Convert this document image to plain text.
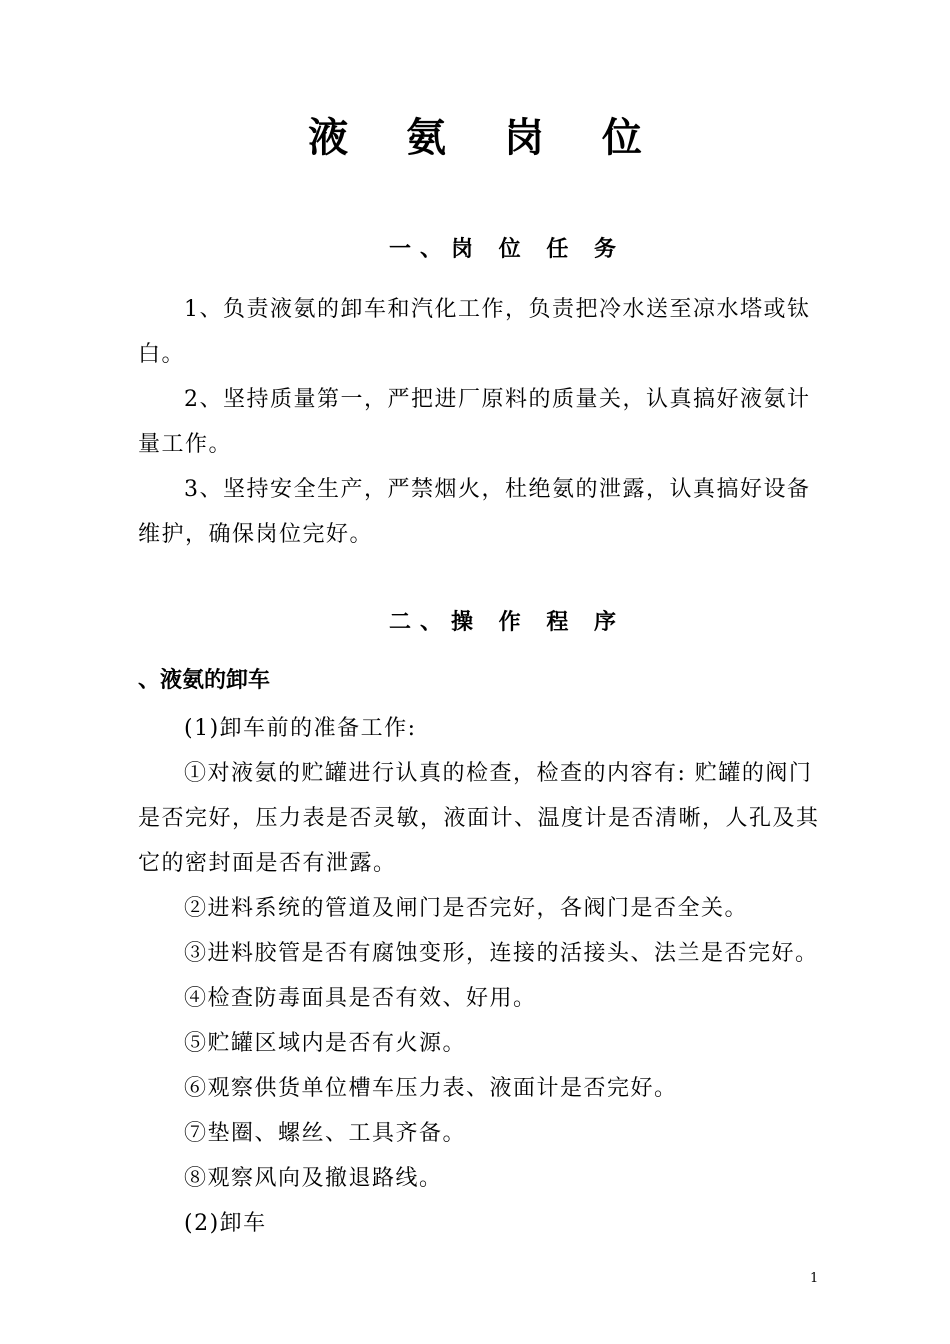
液 氨 岗 位
一、岗 位 任 务

1、负责液氨的卸车和汽化工作，负责把冷水送至凉水塔或钛白。

2、坚持质量第一，严把进厂原料的质量关，认真搞好液氨计量工作。

3、坚持安全生产，严禁烟火，杜绝氨的泄露，认真搞好设备维护，确保岗位完好。

二、操 作 程 序
、液氨的卸车

(1)卸车前的准备工作:

①对液氨的贮罐进行认真的检查，检查的内容有: 贮罐的阀门是否完好，压力表是否灵敏，液面计、温度计是否清晰，人孔及其它的密封面是否有泄露。

②进料系统的管道及闸门是否完好，各阀门是否全关。

③进料胶管是否有腐蚀变形，连接的活接头、法兰是否完好。

④检查防毒面具是否有效、好用。

⑤贮罐区域内是否有火源。

⑥观察供货单位槽车压力表、液面计是否完好。

⑦垫圈、螺丝、工具齐备。

⑧观察风向及撤退路线。

(2)卸车

1
